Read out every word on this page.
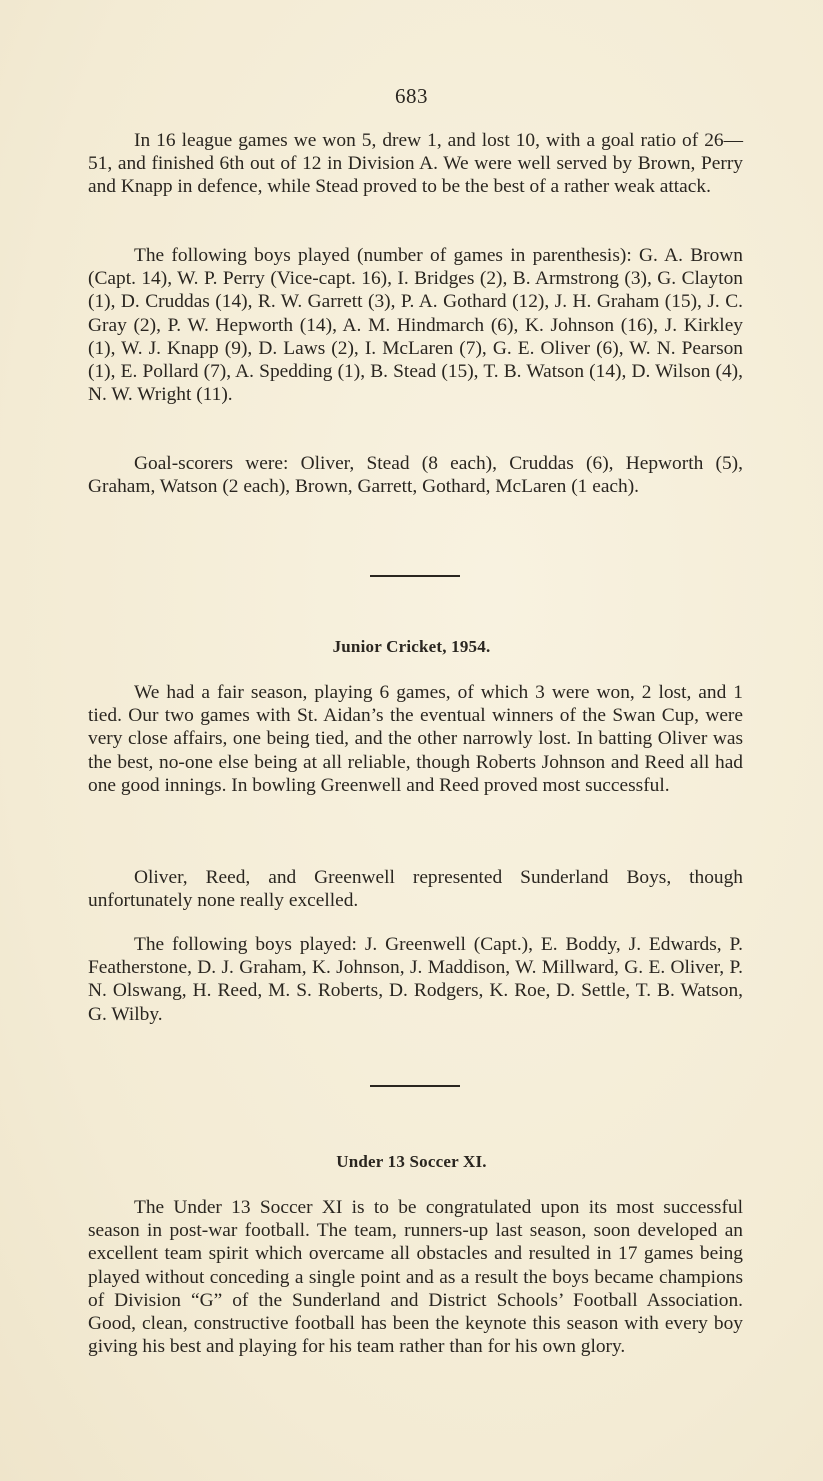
683

In 16 league games we won 5, drew 1, and lost 10, with a goal ratio of 26—51, and finished 6th out of 12 in Division A. We were well served by Brown, Perry and Knapp in defence, while Stead proved to be the best of a rather weak attack.

The following boys played (number of games in parenthesis): G. A. Brown (Capt. 14), W. P. Perry (Vice-capt. 16), I. Bridges (2), B. Armstrong (3), G. Clayton (1), D. Cruddas (14), R. W. Garrett (3), P. A. Gothard (12), J. H. Graham (15), J. C. Gray (2), P. W. Hepworth (14), A. M. Hindmarch (6), K. Johnson (16), J. Kirkley (1), W. J. Knapp (9), D. Laws (2), I. McLaren (7), G. E. Oliver (6), W. N. Pearson (1), E. Pollard (7), A. Spedding (1), B. Stead (15), T. B. Watson (14), D. Wilson (4), N. W. Wright (11).

Goal-scorers were: Oliver, Stead (8 each), Cruddas (6), Hepworth (5), Graham, Watson (2 each), Brown, Garrett, Gothard, McLaren (1 each).

Junior Cricket, 1954.

We had a fair season, playing 6 games, of which 3 were won, 2 lost, and 1 tied. Our two games with St. Aidan’s the eventual winners of the Swan Cup, were very close affairs, one being tied, and the other narrowly lost. In batting Oliver was the best, no-one else being at all reliable, though Roberts Johnson and Reed all had one good innings. In bowling Greenwell and Reed proved most successful.

Oliver, Reed, and Greenwell represented Sunderland Boys, though unfortunately none really excelled.

The following boys played: J. Greenwell (Capt.), E. Boddy, J. Edwards, P. Featherstone, D. J. Graham, K. Johnson, J. Maddison, W. Millward, G. E. Oliver, P. N. Olswang, H. Reed, M. S. Roberts, D. Rodgers, K. Roe, D. Settle, T. B. Watson, G. Wilby.

Under 13 Soccer XI.

The Under 13 Soccer XI is to be congratulated upon its most successful season in post-war football. The team, runners-up last season, soon developed an excellent team spirit which overcame all obstacles and resulted in 17 games being played without conceding a single point and as a result the boys became champions of Division “G” of the Sunderland and District Schools’ Football Association. Good, clean, constructive football has been the keynote this season with every boy giving his best and playing for his team rather than for his own glory.
